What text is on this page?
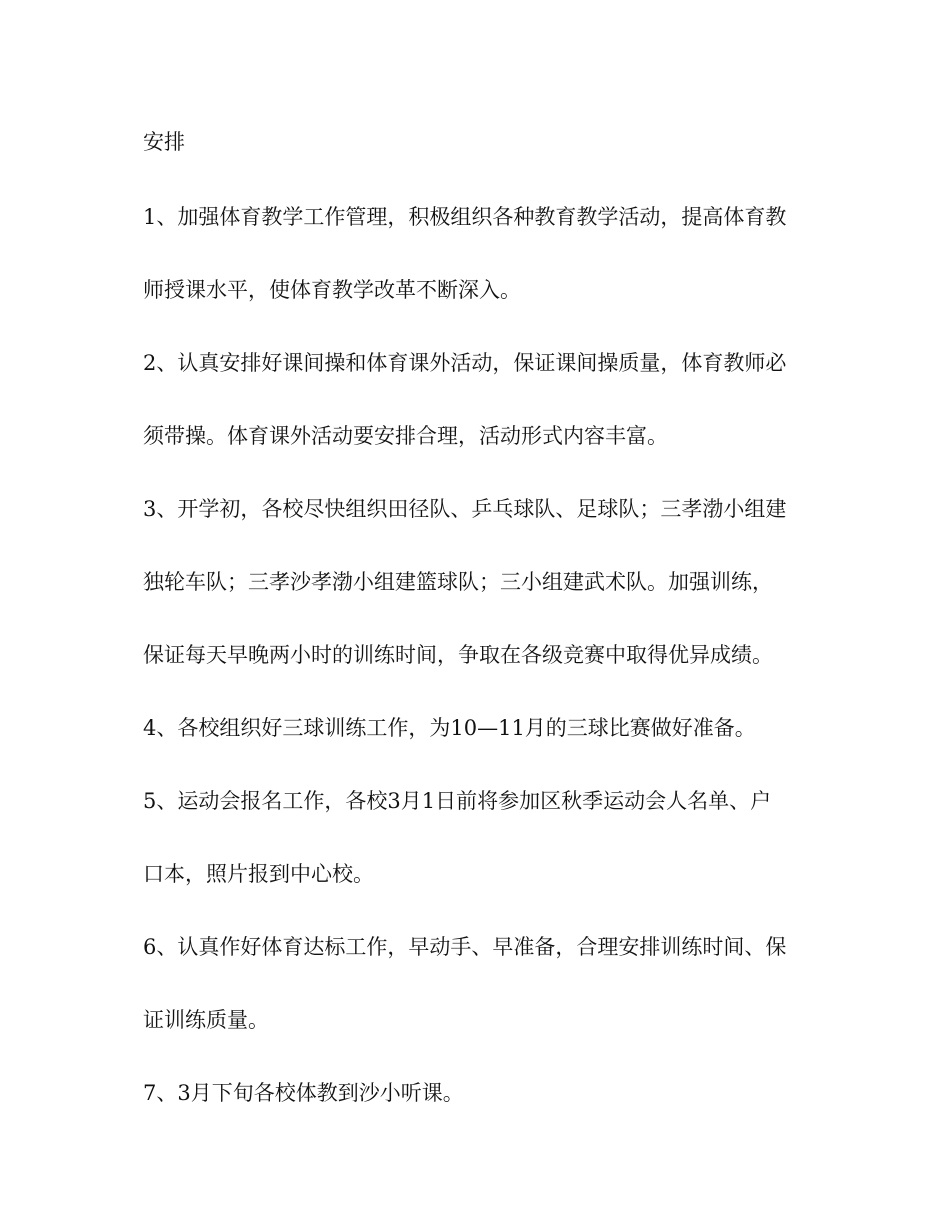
安排
1、加强体育教学工作管理，积极组织各种教育教学活动，提高体育教
师授课水平，使体育教学改革不断深入。
2、认真安排好课间操和体育课外活动，保证课间操质量，体育教师必
须带操。体育课外活动要安排合理，活动形式内容丰富。
3、开学初，各校尽快组织田径队、乒乓球队、足球队；三孝渤小组建
独轮车队；三孝沙孝渤小组建篮球队；三小组建武术队。加强训练，
保证每天早晚两小时的训练时间，争取在各级竞赛中取得优异成绩。
4、各校组织好三球训练工作，为10—11月的三球比赛做好准备。
5、运动会报名工作，各校3月1日前将参加区秋季运动会人名单、户
口本，照片报到中心校。
6、认真作好体育达标工作，早动手、早准备，合理安排训练时间、保
证训练质量。
7、3月下旬各校体教到沙小听课。
